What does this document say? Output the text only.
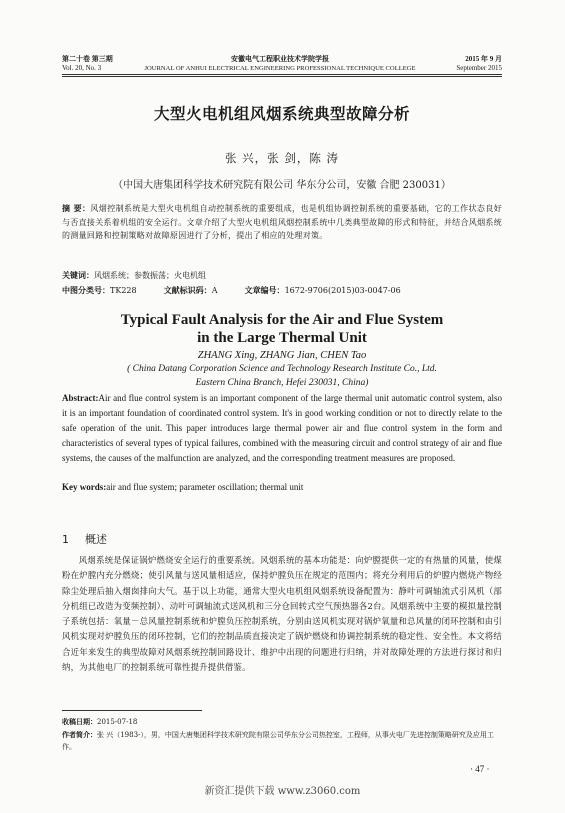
第二十卷 第三期
Vol. 20, No. 3
安徽电气工程职业技术学院学报
JOURNAL OF ANHUI ELECTRICAL ENGINEERING PROFESSIONAL TECHNIQUE COLLEGE
2015 年 9 月
September 2015
大型火电机组风烟系统典型故障分析
张 兴，张 剑，陈 涛
（中国大唐集团科学技术研究院有限公司 华东分公司，安徽 合肥 230031）
摘 要：风烟控制系统是大型火电机组自动控制系统的重要组成，也是机组协调控制系统的重要基础，它的工作状态良好与否直接关系着机组的安全运行。文章介绍了大型火电机组风烟控制系统中几类典型故障的形式和特征，并结合风烟系统的测量回路和控制策略对故障原因进行了分析，提出了相应的处理对策。
关键词：风烟系统；参数振荡；火电机组
中图分类号：TK228	文献标识码：A	文章编号：1672-9706(2015)03-0047-06
Typical Fault Analysis for the Air and Flue System
in the Large Thermal Unit
ZHANG Xing, ZHANG Jian, CHEN Tao
( China Datang Corporation Science and Technology Research Institute Co., Ltd.
Eastern China Branch, Hefei 230031, China)
Abstract:Air and flue control system is an important component of the large thermal unit automatic control system, also it is an important foundation of coordinated control system. It's in good working condition or not to directly relate to the safe operation of the unit. This paper introduces large thermal power air and flue control system in the form and characteristics of several types of typical failures, combined with the measuring circuit and control strategy of air and flue systems, the causes of the malfunction are analyzed, and the corresponding treatment measures are proposed.
Key words:air and flue system; parameter oscillation; thermal unit
1 概述
风烟系统是保证锅炉燃烧安全运行的重要系统。风烟系统的基本功能是：向炉膛提供一定的有热量的风量，使煤粉在炉膛内充分燃烧；使引风量与送风量相适应，保持炉膛负压在规定的范围内；将充分利用后的炉膛内燃烧产物经除尘处理后抽入烟囱排向大气。基于以上功能，通常大型火电机组风烟系统设备配置为：静叶可调轴流式引风机（部分机组已改造为变频控制）、动叶可调轴流式送风机和三分仓回转式空气预热器各2台。风烟系统中主要的模拟量控制子系统包括：氧量－总风量控制系统和炉膛负压控制系统，分别由送风机实现对锅炉氧量和总风量的闭环控制和由引风机实现对炉膛负压的闭环控制，它们的控制品质直接决定了锅炉燃烧和协调控制系统的稳定性、安全性。本文将结合近年来发生的典型故障对风烟系统控制回路设计、维护中出现的问题进行归纳，并对故障处理的方法进行探讨和归纳，为其他电厂的控制系统可靠性提升提供借鉴。
收稿日期：2015-07-18
作者简介：张 兴（1983-），男，中国大唐集团科学技术研究院有限公司华东分公司热控室，工程师，从事火电厂先进控制策略研究及应用工作。
· 47 ·
新资汇提供下载 www.z3060.com
